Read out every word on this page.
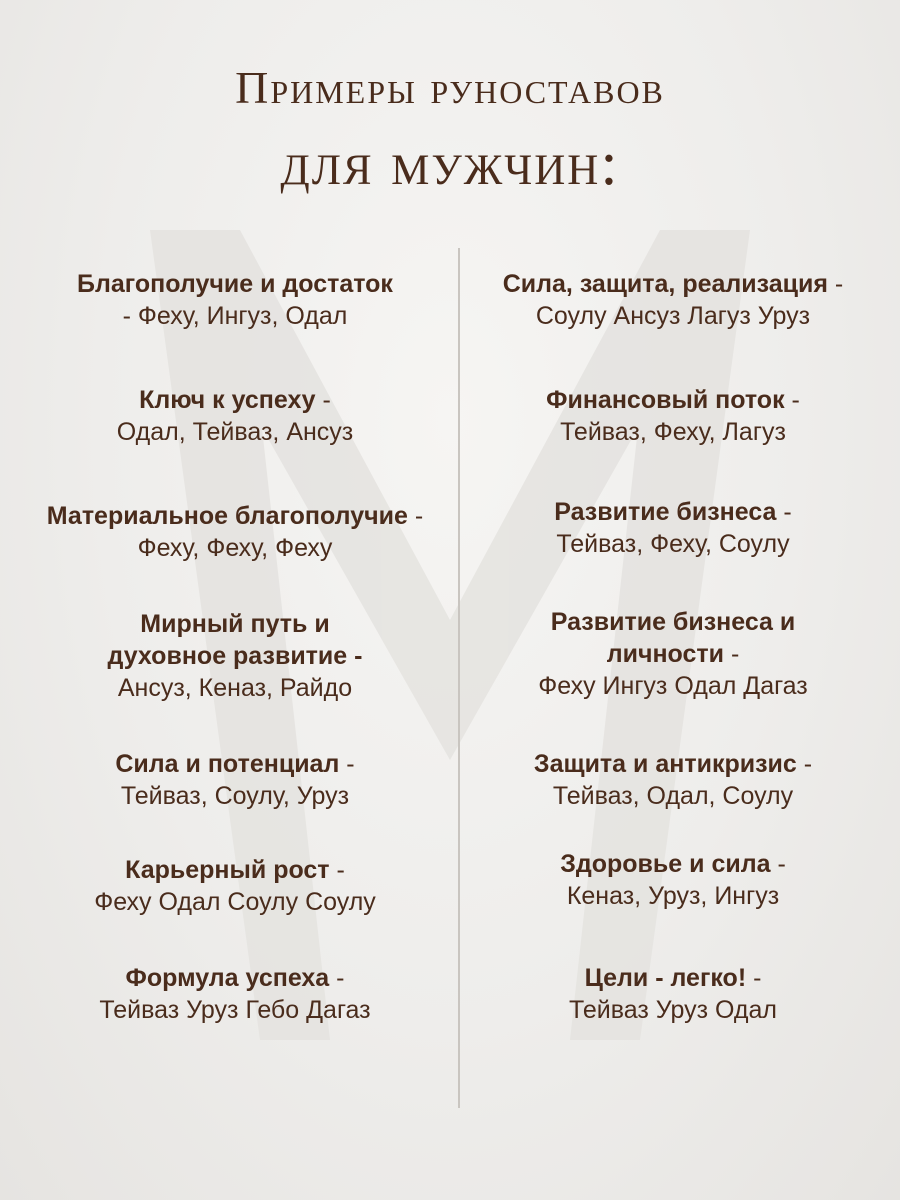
Примеры руноставов
для мужчин:
Благополучие и достаток
- Феху, Ингуз, Одал
Ключ к успеху -
Одал, Тейваз, Ансуз
Материальное благополучие -
Феху, Феху, Феху
Мирный путь и духовное развитие -
Ансуз, Кеназ, Райдо
Сила и потенциал -
Тейваз, Соулу, Уруз
Карьерный рост -
Феху Одал Соулу Соулу
Формула успеха -
Тейваз Уруз Гебо Дагаз
Сила, защита, реализация -
Соулу Ансуз Лагуз Уруз
Финансовый поток -
Тейваз, Феху, Лагуз
Развитие бизнеса -
Тейваз, Феху, Соулу
Развитие бизнеса и личности -
Феху Ингуз Одал Дагаз
Защита и антикризис -
Тейваз, Одал, Соулу
Здоровье и сила -
Кеназ, Уруз, Ингуз
Цели - легко! -
Тейваз Уруз Одал
